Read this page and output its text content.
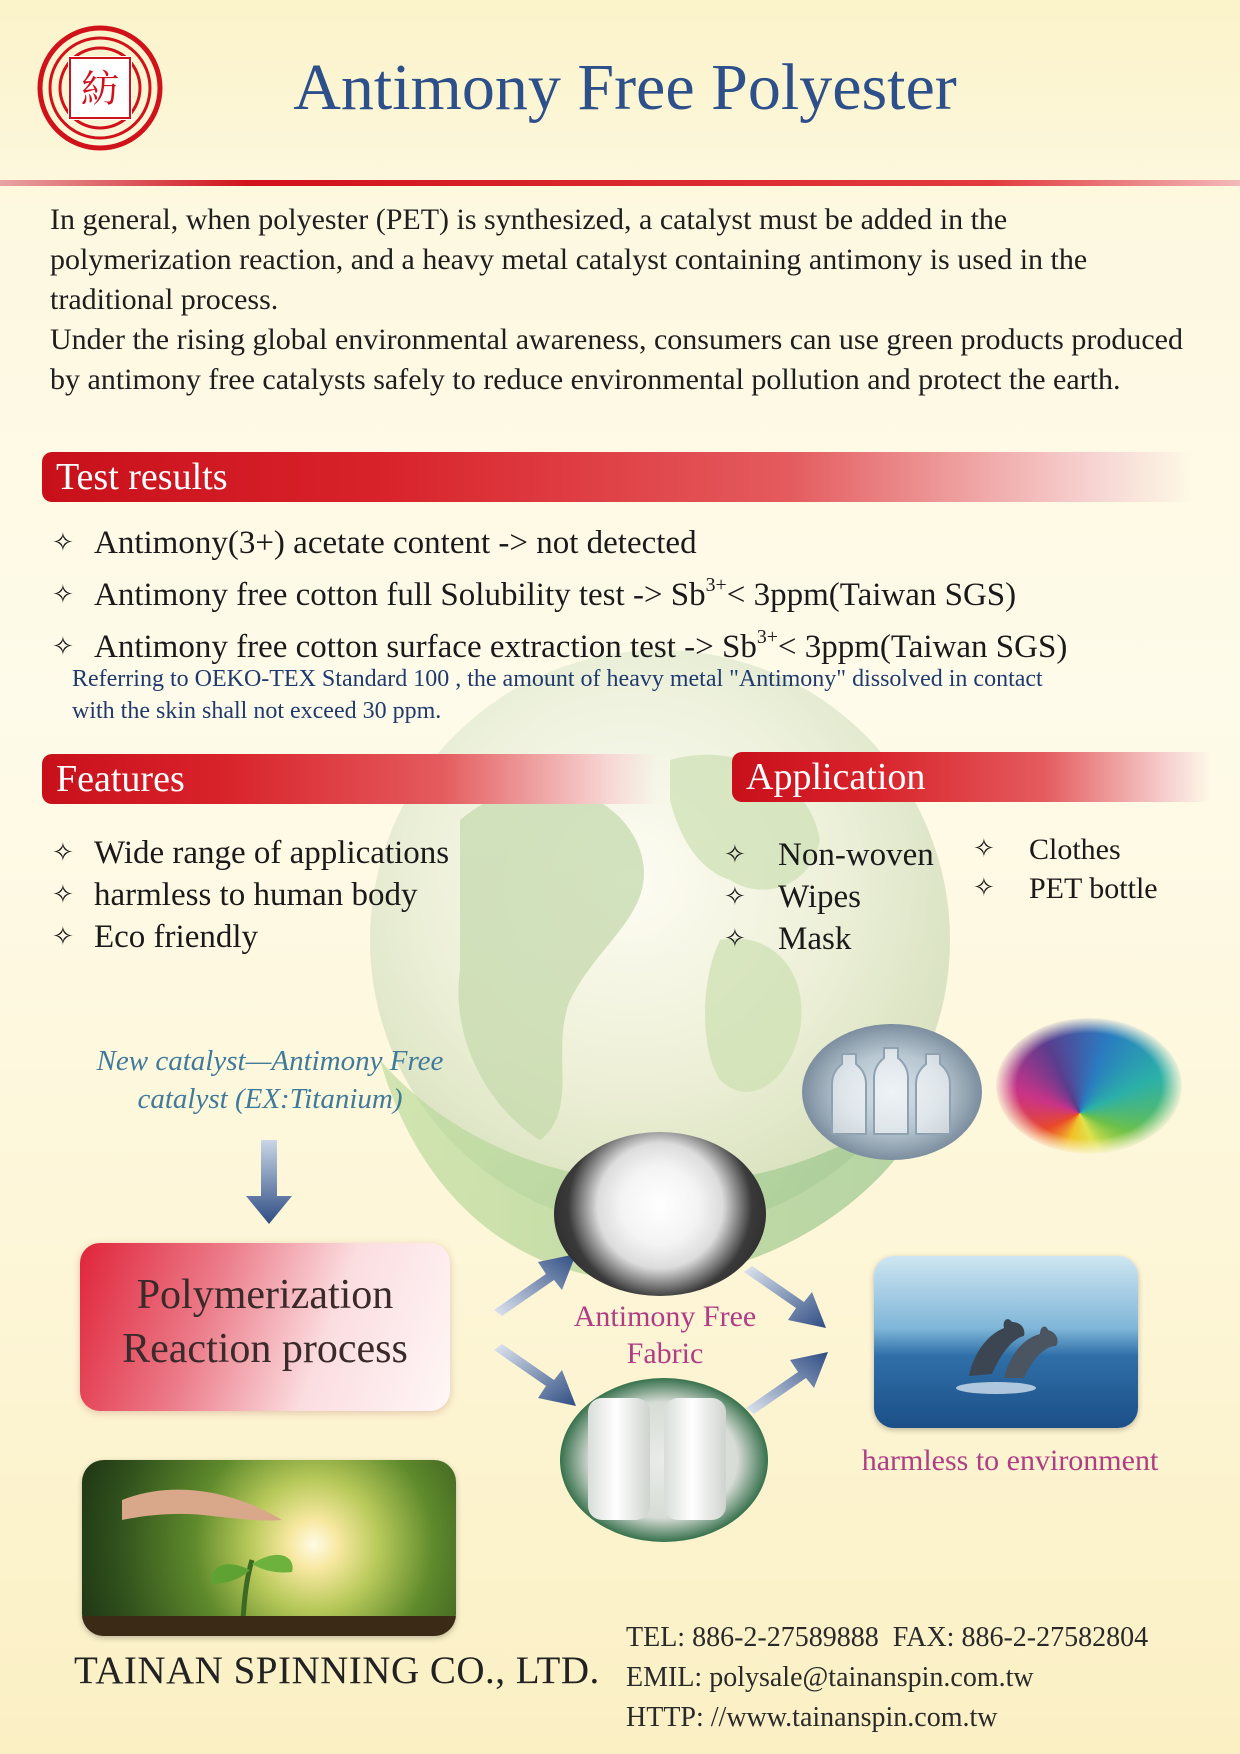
紡	Antimony Free Polyester

In general, when polyester (PET) is synthesized, a catalyst must be added in the polymerization reaction, and a heavy metal catalyst containing antimony is used in the traditional process.

Under the rising global environmental awareness, consumers can use green products produced by antimony free catalysts safely to reduce environmental pollution and protect the earth.

Test results
✧ Antimony(3+) acetate content -> not detected
✧ Antimony free cotton full Solubility test -> $Sb^{3+}<$ 3ppm(Taiwan SGS)
✧ Antimony free cotton surface extraction test -> $Sb^{3+}<$ 3ppm(Taiwan SGS)
Referring to OEKO-TEX Standard 100 , the amount of heavy metal "Antimony" dissolved in contact
with the skin shall not exceed 30 ppm.
Features
✧ Wide range of applications
✧ harmless to human body
✧ Eco friendly
Application
✧ Non-woven
✧ Wipes
✧ Mask
✧ Clothes
✧ PET bottle
New catalyst—Antimony Free
catalyst (EX:Titanium)
Polymerization
Reaction process
Antimony Free
Fabric
harmless to environment
TAINAN SPINNING CO., LTD.
TEL: 886-2-27589888  FAX: 886-2-27582804
EMIL: polysale@tainanspin.com.tw
HTTP: //www.tainanspin.com.tw
